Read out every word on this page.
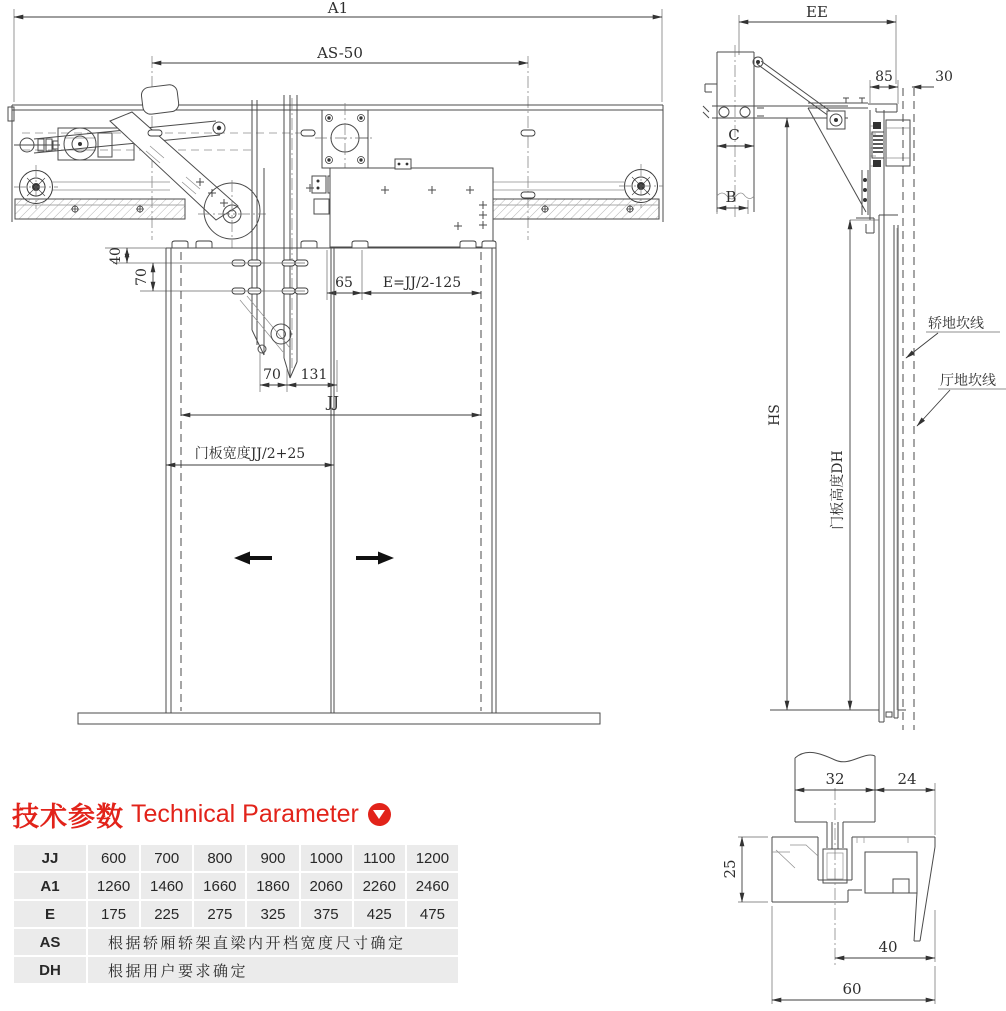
A1
AS-50
40
70	65 E=JJ/2-125
70 131
JJ
门板宽度JJ/2+25
EE
85	30
C
B
HS
门板高度DH
轿地坎线
厅地坎线
32	24
25
40
60
技术参数 Technical Parameter
JJ	600	700	800	900	1000	1100	1200
A1	1260	1460	1660	1860	2060	2260	2460
E	175	225	275	325	375	425	475
AS	根据轿厢轿架直梁内开档宽度尺寸确定
DH	根据用户要求确定
